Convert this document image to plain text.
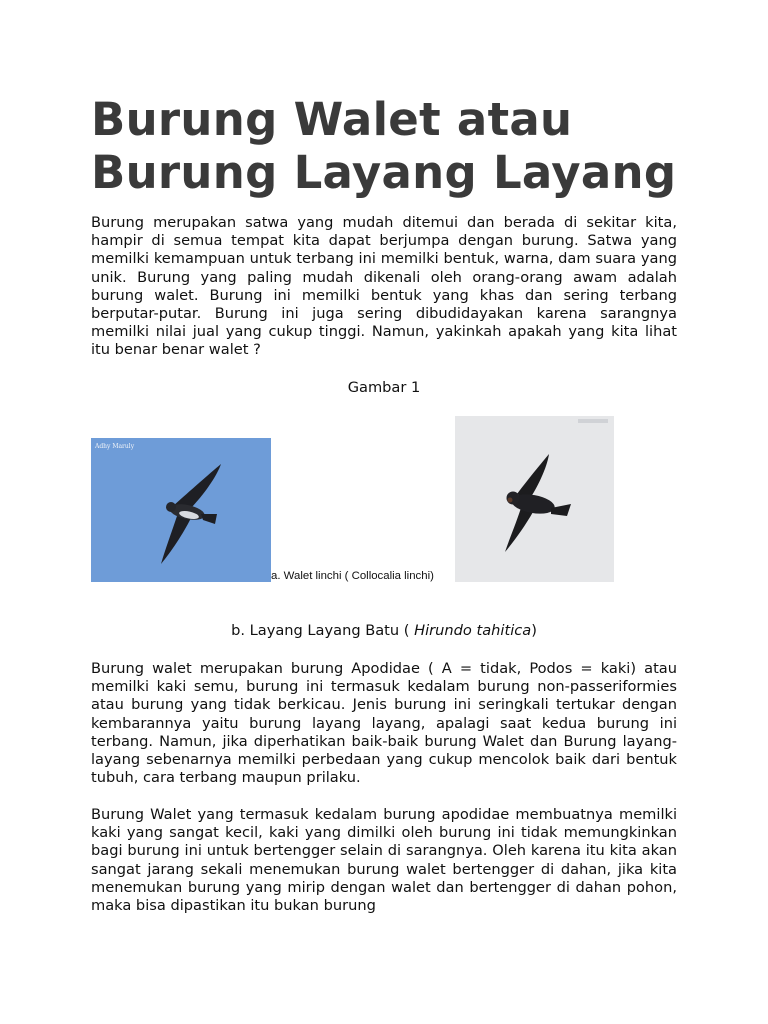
Burung Walet atau Burung Layang Layang

Burung merupakan satwa yang mudah ditemui dan berada di sekitar kita, hampir di semua tempat kita dapat berjumpa dengan burung. Satwa yang memilki kemampuan untuk terbang ini memilki bentuk, warna, dam suara yang unik. Burung yang paling mudah dikenali oleh orang-orang awam adalah burung walet. Burung ini memilki bentuk yang khas dan sering terbang berputar-putar. Burung ini juga sering dibudidayakan karena sarangnya memilki nilai jual yang cukup tinggi. Namun, yakinkah apakah yang kita lihat itu benar benar walet ?

Gambar 1
Adhy Maruly
a. Walet linchi ( Collocalia linchi)
b. Layang Layang Batu ( Hirundo tahitica)

Burung walet merupakan burung Apodidae ( A = tidak, Podos = kaki) atau memilki kaki semu, burung ini termasuk kedalam burung non-passeriformies atau burung yang tidak berkicau. Jenis burung ini seringkali tertukar dengan kembarannya yaitu burung layang layang, apalagi saat kedua burung ini terbang. Namun, jika diperhatikan baik-baik burung Walet dan Burung layang-layang sebenarnya memilki perbedaan yang cukup mencolok baik dari bentuk tubuh, cara terbang maupun prilaku.

Burung Walet yang termasuk kedalam burung apodidae membuatnya memilki kaki yang sangat kecil, kaki yang dimilki oleh burung ini tidak memungkinkan bagi burung ini untuk bertengger selain di sarangnya. Oleh karena itu kita akan sangat jarang sekali menemukan burung walet bertengger di dahan, jika kita menemukan burung yang mirip dengan walet dan bertengger di dahan pohon, maka bisa dipastikan itu bukan burung
